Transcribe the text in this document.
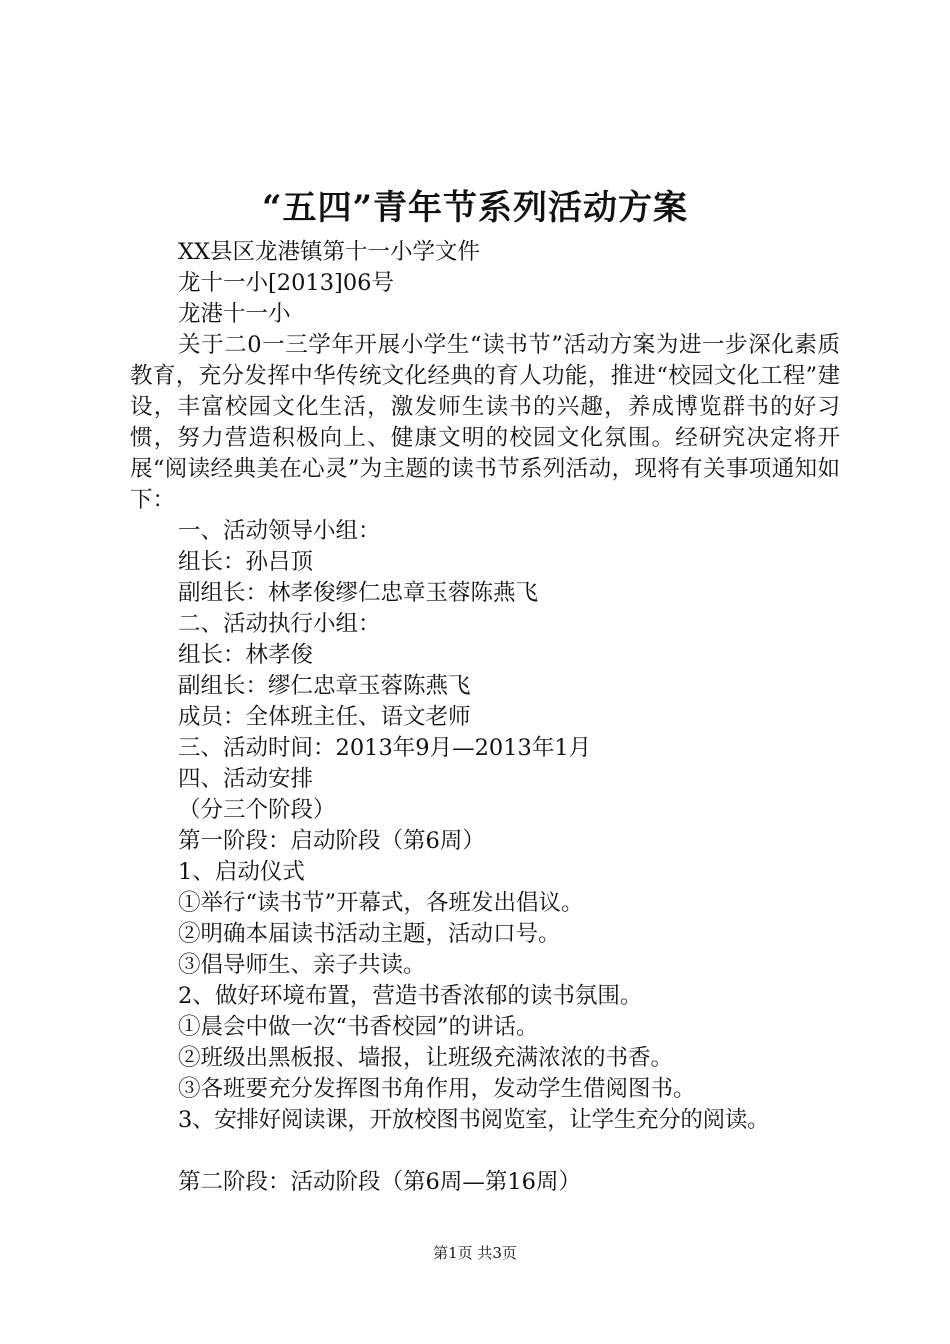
“五四”青年节系列活动方案

XX县区龙港镇第十一小学文件

龙十一小[2013]06号

龙港十一小

关于二0一三学年开展小学生“读书节”活动方案为进一步深化素质教育，充分发挥中华传统文化经典的育人功能，推进“校园文化工程”建设，丰富校园文化生活，激发师生读书的兴趣，养成博览群书的好习惯，努力营造积极向上、健康文明的校园文化氛围。经研究决定将开展“阅读经典美在心灵”为主题的读书节系列活动，现将有关事项通知如下：

一、活动领导小组：

组长：孙吕顶

副组长：林孝俊缪仁忠章玉蓉陈燕飞

二、活动执行小组：

组长：林孝俊

副组长：缪仁忠章玉蓉陈燕飞

成员：全体班主任、语文老师

三、活动时间：2013年9月—2013年1月

四、活动安排

（分三个阶段）

第一阶段：启动阶段（第6周）

1、启动仪式

①举行“读书节”开幕式，各班发出倡议。

②明确本届读书活动主题，活动口号。

③倡导师生、亲子共读。

2、做好环境布置，营造书香浓郁的读书氛围。

①晨会中做一次“书香校园”的讲话。

②班级出黑板报、墙报，让班级充满浓浓的书香。

③各班要充分发挥图书角作用，发动学生借阅图书。

3、安排好阅读课，开放校图书阅览室，让学生充分的阅读。

第二阶段：活动阶段（第6周—第16周）

第1页 共3页
